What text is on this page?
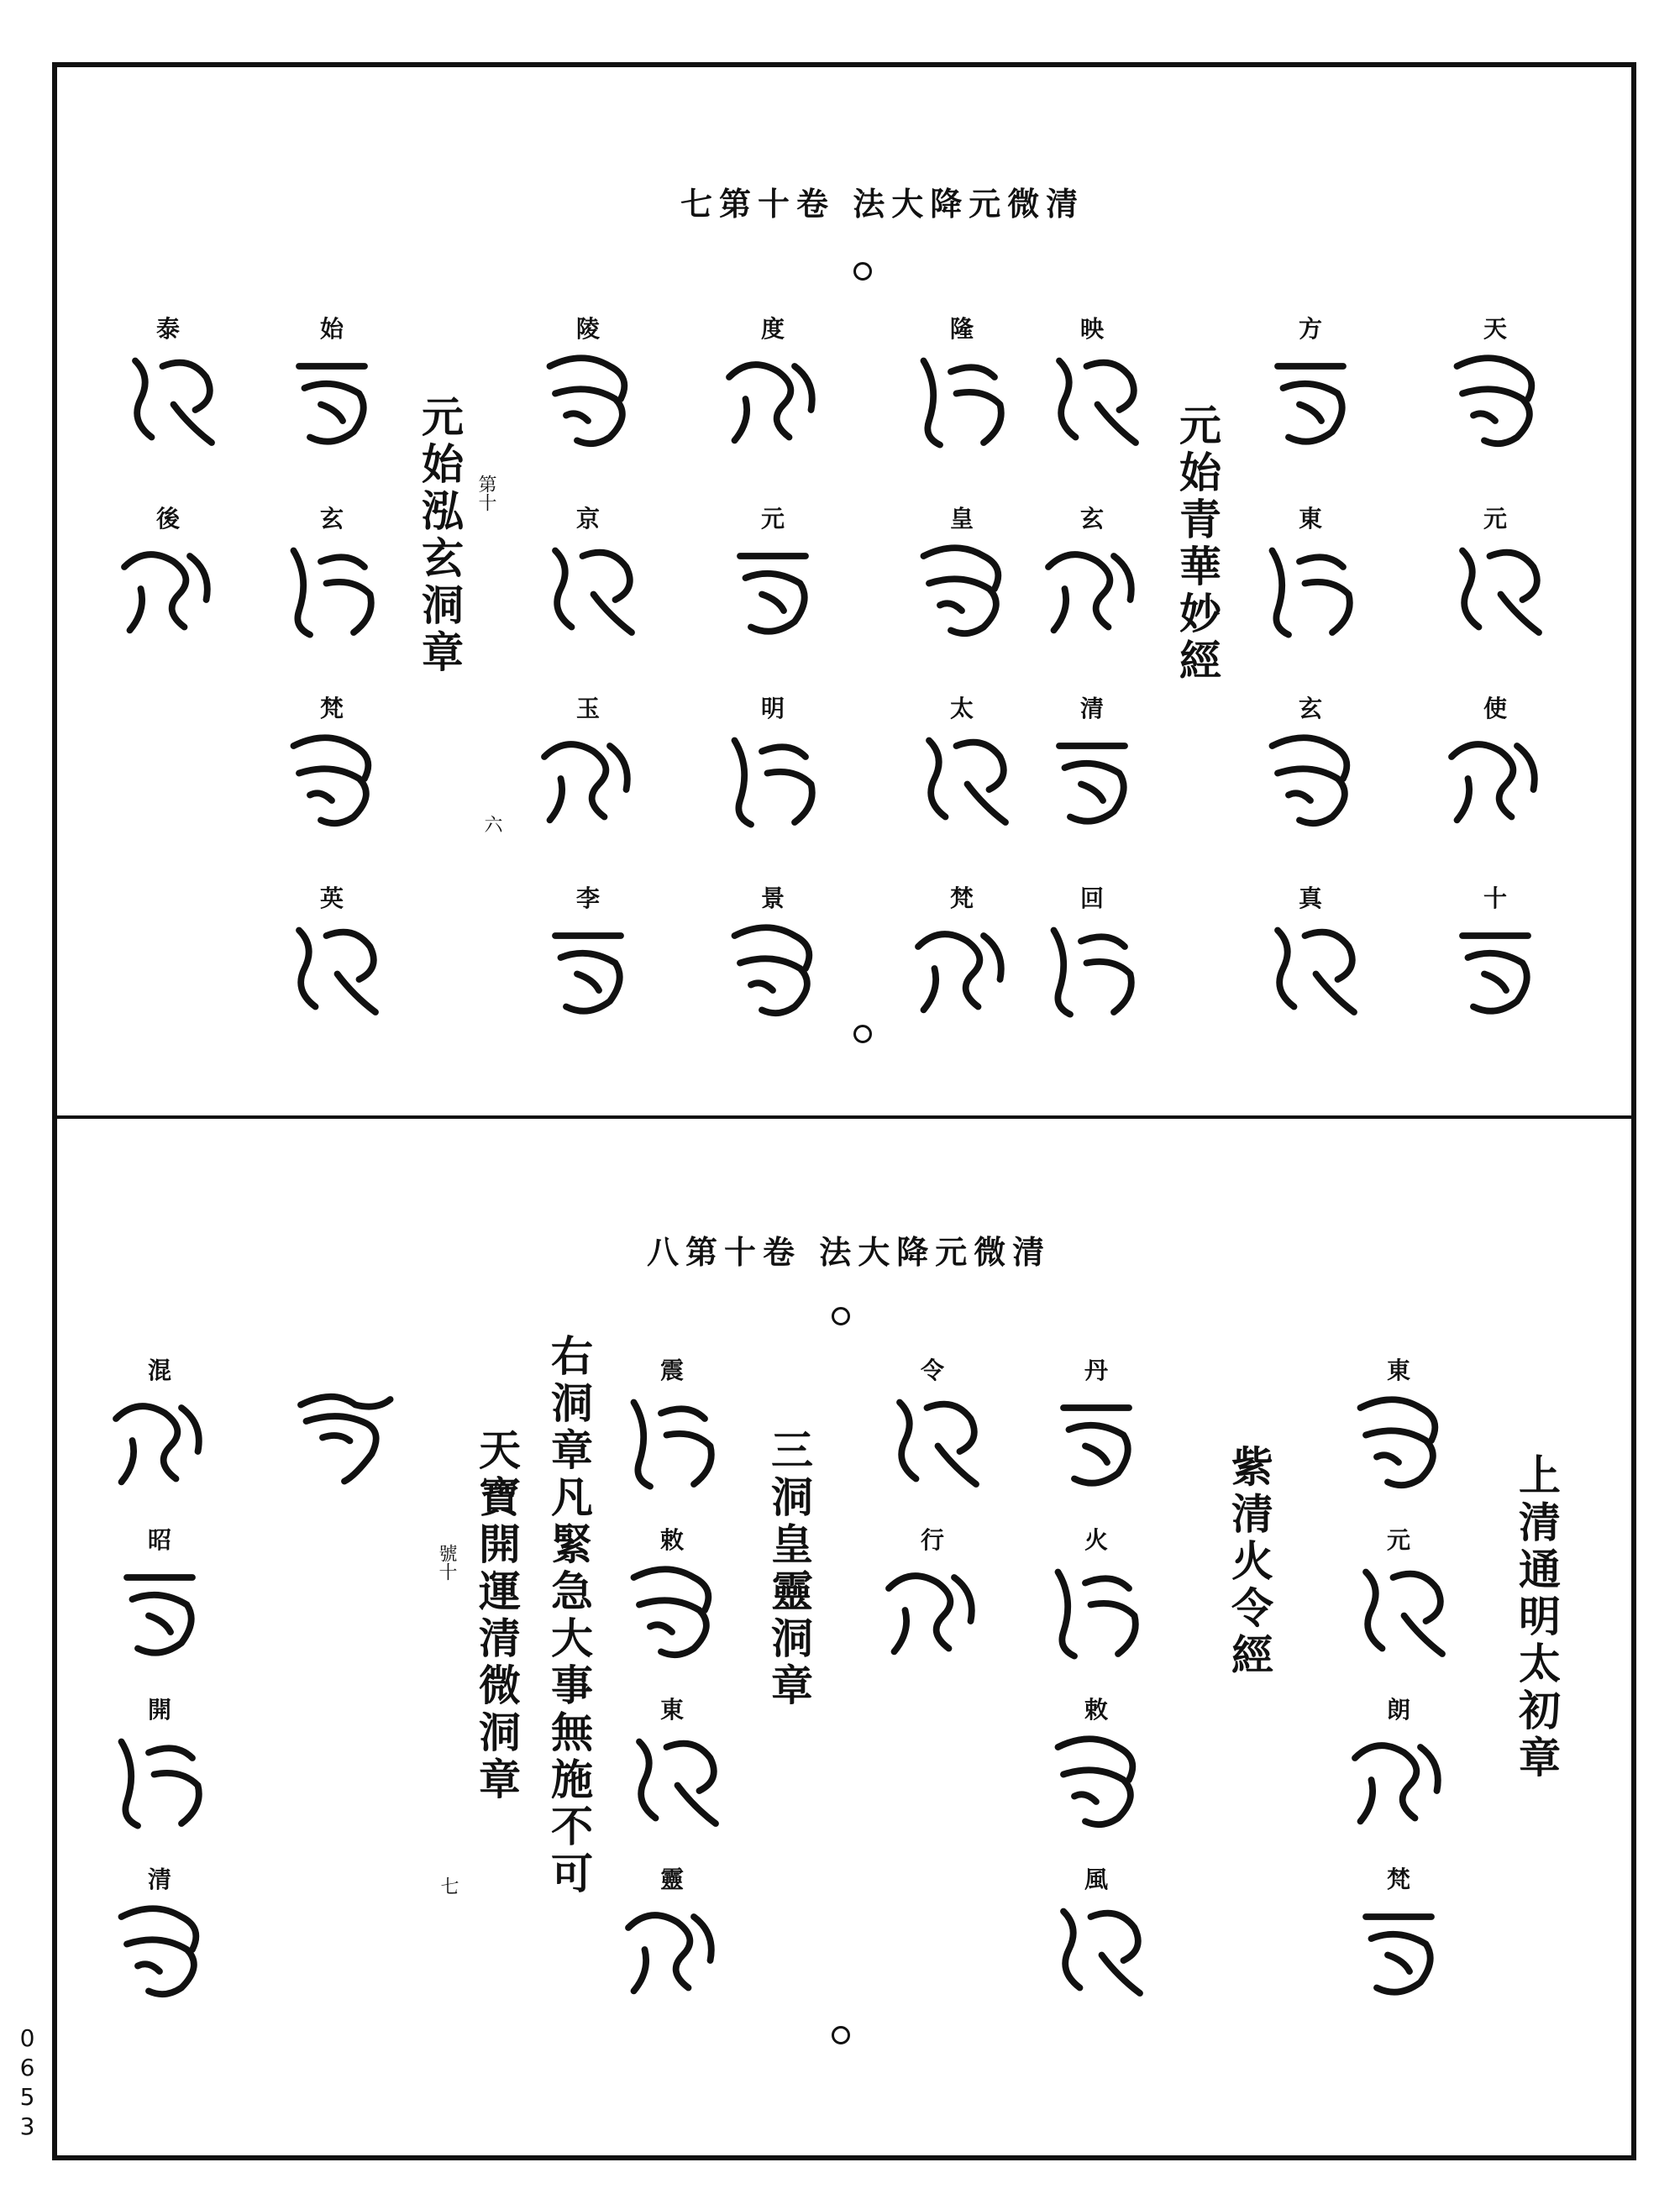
清微元降大法 卷十第七
元始青華妙經
元始泓玄洞章 第十
六
天
元
使
十
方
東
玄
真
映
玄
清
回
隆
皇
太
梵
度
元
明
景
陵
京
玉
李
始
玄
梵
英
泰
後
清微元降大法 卷十第八
上清通明太初章
紫清火令經
三洞皇靈洞章
右洞章凡緊急大事無施不可
天寶開運清微洞章
號十
七
東
元
朗
梵
丹
火
敕
風
令
行
震
敕
東
靈
混
昭
開
清
0653
